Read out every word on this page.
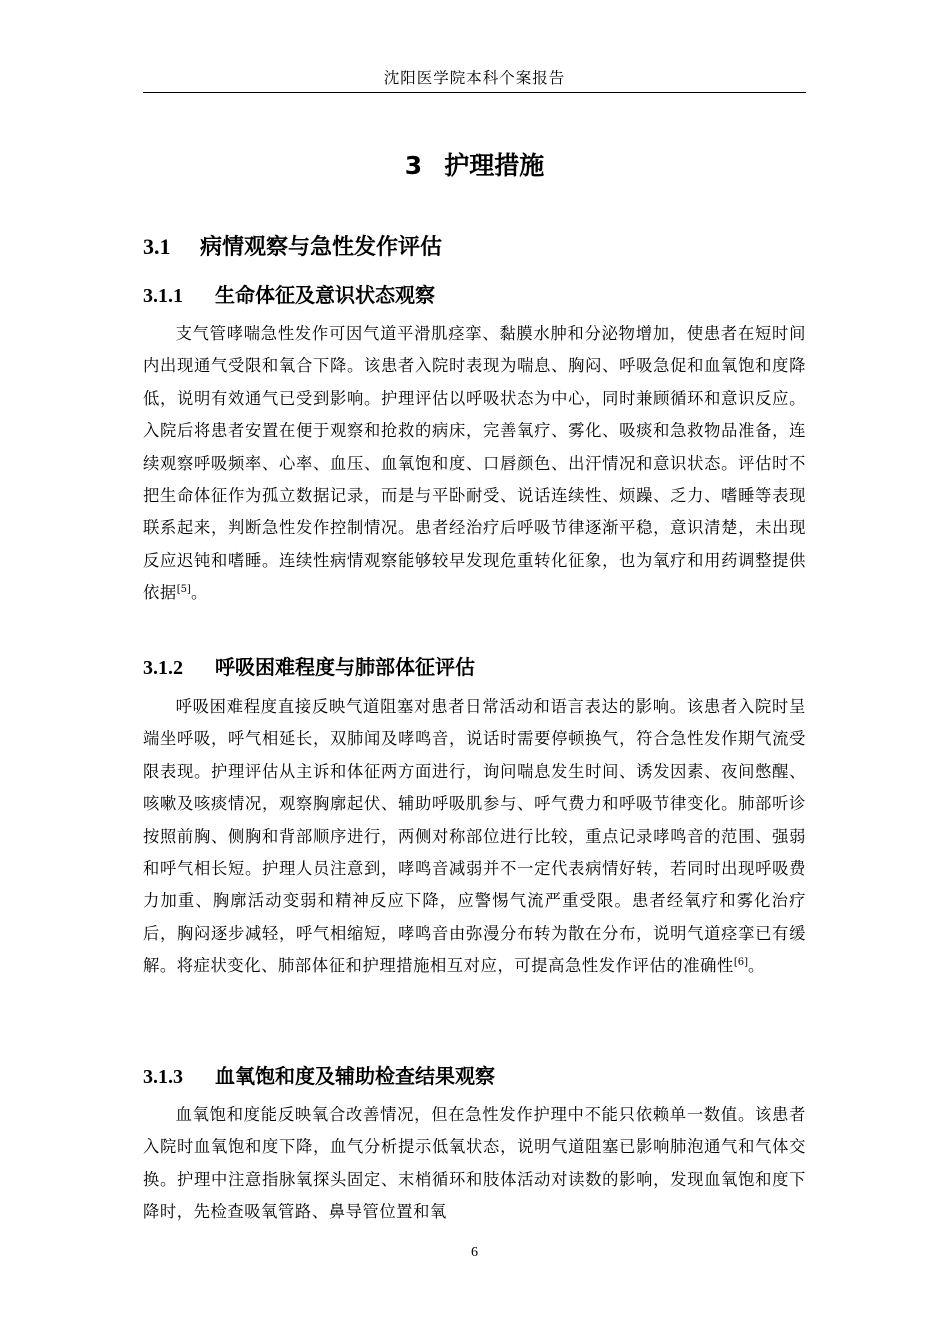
沈阳医学院本科个案报告
3 护理措施
3.1 病情观察与急性发作评估
3.1.1 生命体征及意识状态观察

支气管哮喘急性发作可因气道平滑肌痉挛、黏膜水肿和分泌物增加，使患者在短时间内出现通气受限和氧合下降。该患者入院时表现为喘息、胸闷、呼吸急促和血氧饱和度降低，说明有效通气已受到影响。护理评估以呼吸状态为中心，同时兼顾循环和意识反应。入院后将患者安置在便于观察和抢救的病床，完善氧疗、雾化、吸痰和急救物品准备，连续观察呼吸频率、心率、血压、血氧饱和度、口唇颜色、出汗情况和意识状态。评估时不把生命体征作为孤立数据记录，而是与平卧耐受、说话连续性、烦躁、乏力、嗜睡等表现联系起来，判断急性发作控制情况。患者经治疗后呼吸节律逐渐平稳，意识清楚，未出现反应迟钝和嗜睡。连续性病情观察能够较早发现危重转化征象，也为氧疗和用药调整提供依据[5]。

3.1.2 呼吸困难程度与肺部体征评估

呼吸困难程度直接反映气道阻塞对患者日常活动和语言表达的影响。该患者入院时呈端坐呼吸，呼气相延长，双肺闻及哮鸣音，说话时需要停顿换气，符合急性发作期气流受限表现。护理评估从主诉和体征两方面进行，询问喘息发生时间、诱发因素、夜间憋醒、咳嗽及咳痰情况，观察胸廓起伏、辅助呼吸肌参与、呼气费力和呼吸节律变化。肺部听诊按照前胸、侧胸和背部顺序进行，两侧对称部位进行比较，重点记录哮鸣音的范围、强弱和呼气相长短。护理人员注意到，哮鸣音减弱并不一定代表病情好转，若同时出现呼吸费力加重、胸廓活动变弱和精神反应下降，应警惕气流严重受限。患者经氧疗和雾化治疗后，胸闷逐步减轻，呼气相缩短，哮鸣音由弥漫分布转为散在分布，说明气道痉挛已有缓解。将症状变化、肺部体征和护理措施相互对应，可提高急性发作评估的准确性[6]。

3.1.3 血氧饱和度及辅助检查结果观察

血氧饱和度能反映氧合改善情况，但在急性发作护理中不能只依赖单一数值。该患者入院时血氧饱和度下降，血气分析提示低氧状态，说明气道阻塞已影响肺泡通气和气体交换。护理中注意指脉氧探头固定、末梢循环和肢体活动对读数的影响，发现血氧饱和度下降时，先检查吸氧管路、鼻导管位置和氧

6
